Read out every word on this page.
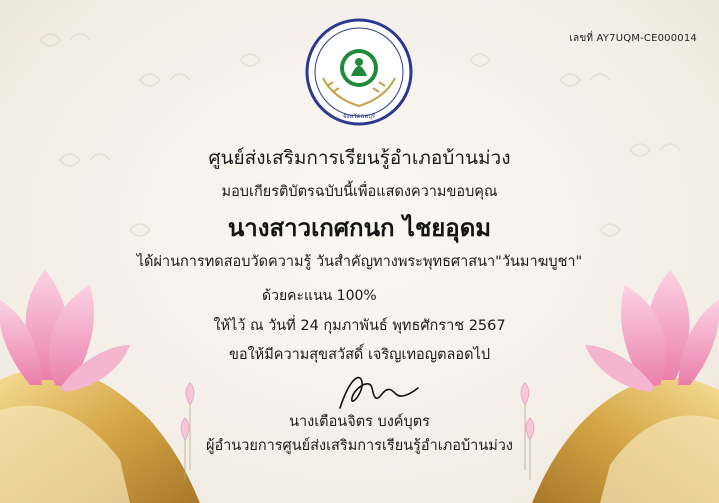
เลขที่ AY7UQM-CE000014
จังหวัดลพบุรี
ศูนย์ส่งเสริมการเรียนรู้อำเภอบ้านม่วง
มอบเกียรติบัตรฉบับนี้เพื่อแสดงความขอบคุณ
นางสาวเกศกนก ไชยอุดม
ได้ผ่านการทดสอบวัดความรู้ วันสำคัญทางพระพุทธศาสนา"วันมาฆบูชา"
ด้วยคะแนน 100%
ให้ไว้ ณ วันที่ 24 กุมภาพันธ์ พุทธศักราช 2567
ขอให้มีความสุขสวัสดิ์ เจริญเทอญตลอดไป
นางเตือนจิตร บงค์บุตร
ผู้อำนวยการศูนย์ส่งเสริมการเรียนรู้อำเภอบ้านม่วง
